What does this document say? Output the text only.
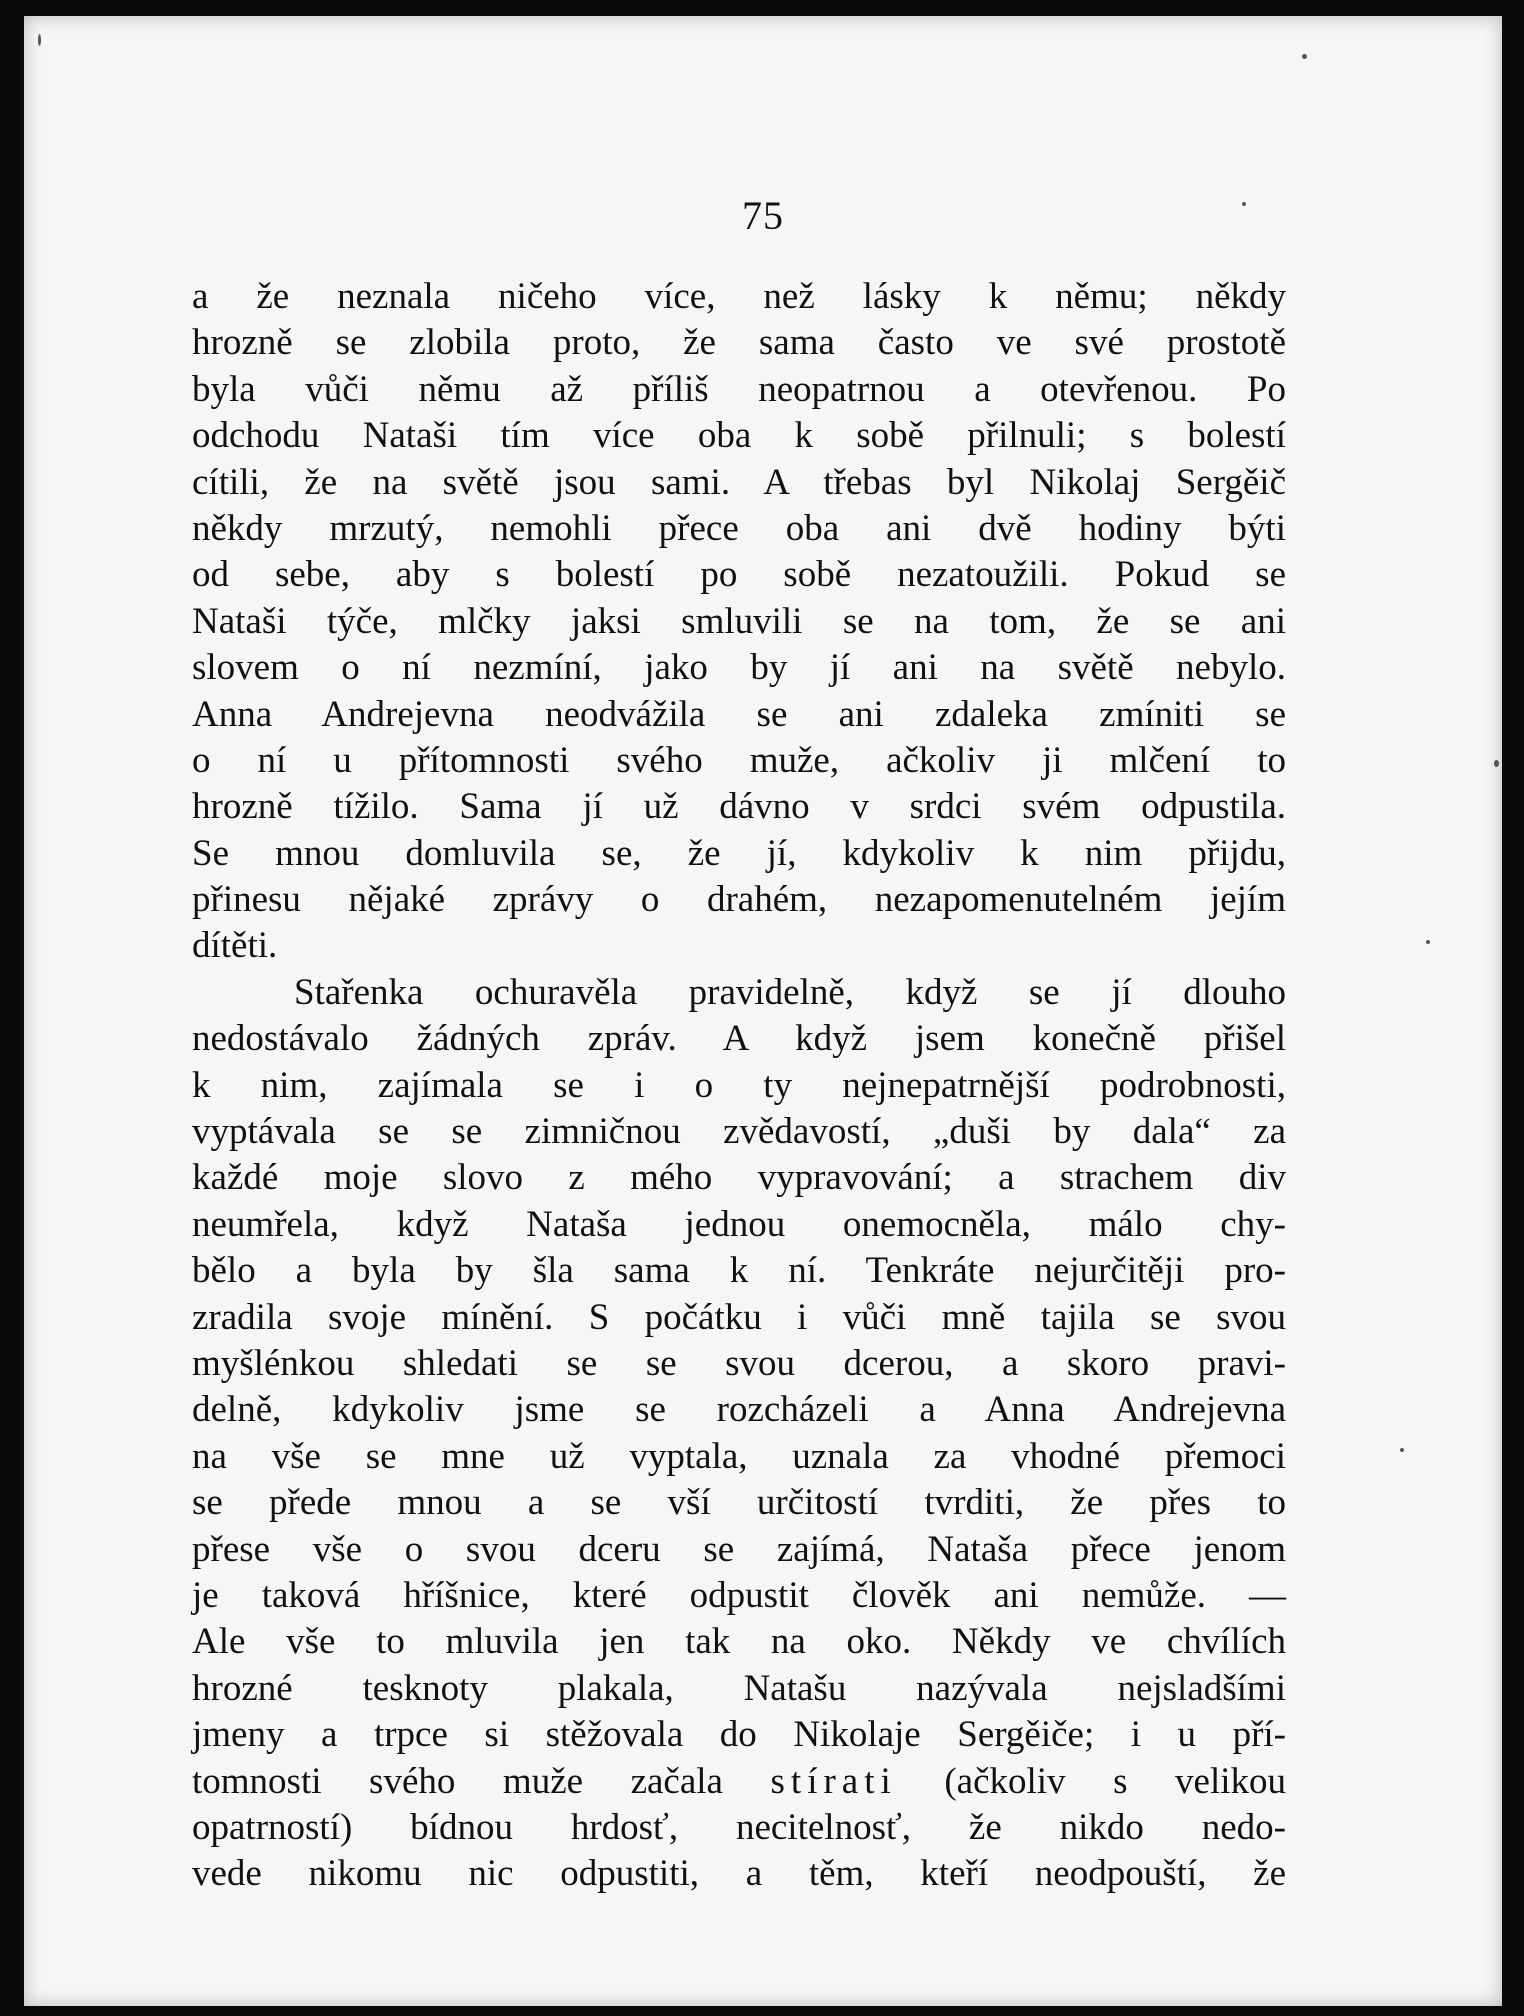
75
a že neznala ničeho více, než lásky k němu; někdy
hrozně se zlobila proto, že sama často ve své prostotě
byla vůči němu až příliš neopatrnou a otevřenou. Po
odchodu Nataši tím více oba k sobě přilnuli; s bolestí
cítili, že na světě jsou sami. A třebas byl Nikolaj Sergěič
někdy mrzutý, nemohli přece oba ani dvě hodiny býti
od sebe, aby s bolestí po sobě nezatoužili. Pokud se
Nataši týče, mlčky jaksi smluvili se na tom, že se ani
slovem o ní nezmíní, jako by jí ani na světě nebylo.
Anna Andrejevna neodvážila se ani zdaleka zmíniti se
o ní u přítomnosti svého muže, ačkoliv ji mlčení to
hrozně tížilo. Sama jí už dávno v srdci svém odpustila.
Se mnou domluvila se, že jí, kdykoliv k nim přijdu,
přinesu nějaké zprávy o drahém, nezapomenutelném jejím
dítěti.
Stařenka ochuravěla pravidelně, když se jí dlouho
nedostávalo žádných zpráv. A když jsem konečně přišel
k nim, zajímala se i o ty nejnepatrnější podrobnosti,
vyptávala se se zimničnou zvědavostí, „duši by dala“ za
každé moje slovo z mého vypravování; a strachem div
neumřela, když Nataša jednou onemocněla, málo chy-
bělo a byla by šla sama k ní. Tenkráte nejurčitěji pro-
zradila svoje mínění. S počátku i vůči mně tajila se svou
myšlénkou shledati se se svou dcerou, a skoro pravi-
delně, kdykoliv jsme se rozcházeli a Anna Andrejevna
na vše se mne už vyptala, uznala za vhodné přemoci
se přede mnou a se vší určitostí tvrditi, že přes to
přese vše o svou dceru se zajímá, Nataša přece jenom
je taková hříšnice, které odpustit člověk ani nemůže. —
Ale vše to mluvila jen tak na oko. Někdy ve chvílích
hrozné tesknoty plakala, Natašu nazývala nejsladšími
jmeny a trpce si stěžovala do Nikolaje Sergěiče; i u pří-
tomnosti svého muže začala stírati (ačkoliv s velikou
opatrností) bídnou hrdosť, necitelnosť, že nikdo nedo-
vede nikomu nic odpustiti, a těm, kteří neodpouští, že
